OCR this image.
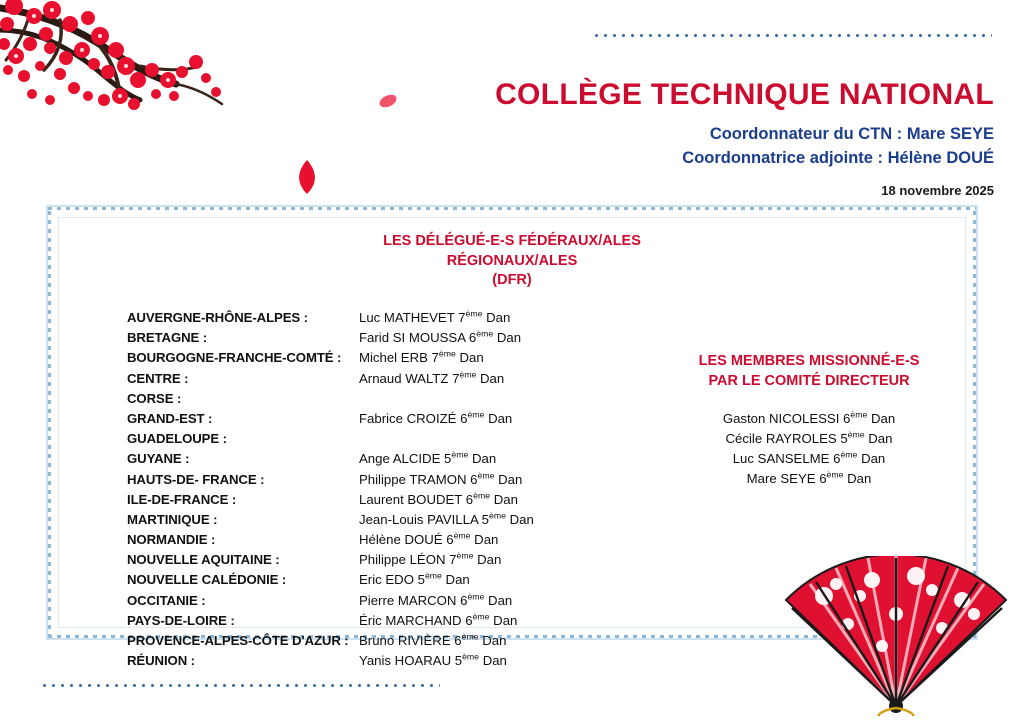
COLLÈGE TECHNIQUE NATIONAL
Coordonnateur du CTN : Mare SEYE
Coordonnatrice adjointe : Hélène DOUÉ
18 novembre 2025
LES DÉLÉGUÉ-E-S FÉDÉRAUX/ALES
RÉGIONAUX/ALES
(DFR)
AUVERGNE-RHÔNE-ALPES :	Luc MATHEVET 7ème Dan
BRETAGNE :	Farid SI MOUSSA 6ème Dan
BOURGOGNE-FRANCHE-COMTÉ :	Michel ERB 7ème Dan
CENTRE :	Arnaud WALTZ 7ème Dan
CORSE :
GRAND-EST :	Fabrice CROIZÉ 6ème Dan
GUADELOUPE :
GUYANE :	Ange ALCIDE 5ème Dan
HAUTS-DE- FRANCE :	Philippe TRAMON 6ème Dan
ILE-DE-FRANCE :	Laurent BOUDET 6ème Dan
MARTINIQUE :	Jean-Louis PAVILLA 5ème Dan
NORMANDIE :	Hélène DOUÉ 6ème Dan
NOUVELLE AQUITAINE :	Philippe LÉON 7ème Dan
NOUVELLE CALÉDONIE :	Eric EDO 5ème Dan
OCCITANIE :	Pierre MARCON 6ème Dan
PAYS-DE-LOIRE :	Éric MARCHAND 6ème Dan
PROVENCE-ALPES-CÔTE D'AZUR : Bruno RIVIÈRE 6ème Dan
RÉUNION :	Yanis HOARAU 5ème Dan
LES MEMBRES MISSIONNÉ-E-S
PAR LE COMITÉ DIRECTEUR
Gaston NICOLESSI 6ème Dan
Cécile RAYROLES 5ème Dan
Luc SANSELME 6ème Dan
Mare SEYE 6ème Dan
